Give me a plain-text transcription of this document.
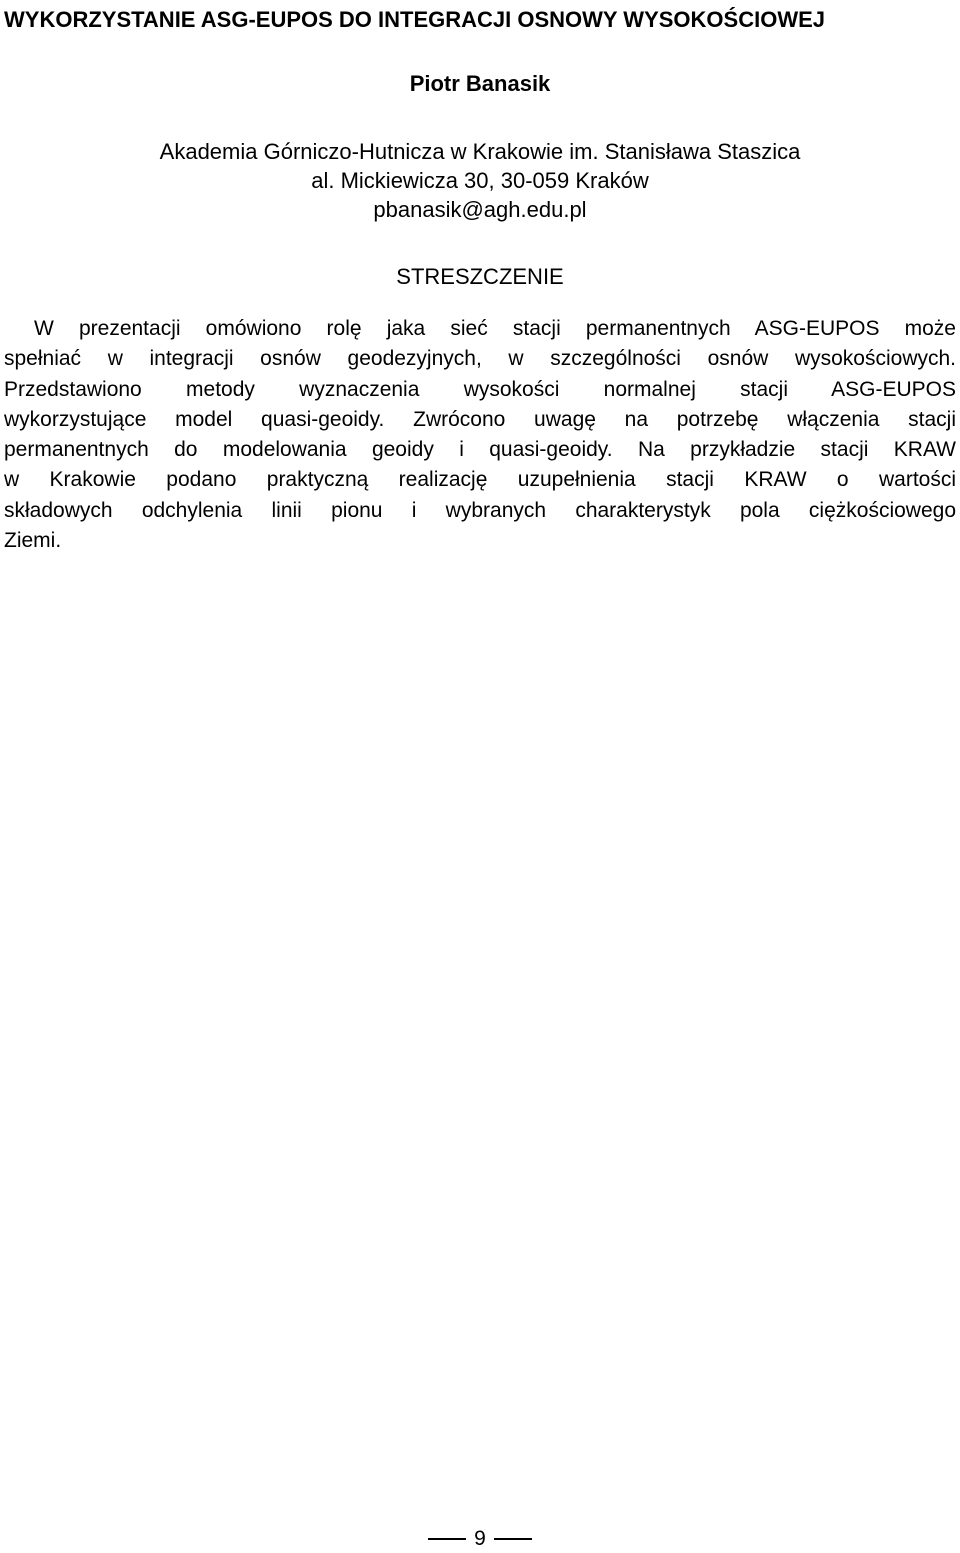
WYKORZYSTANIE ASG-EUPOS DO INTEGRACJI OSNOWY WYSOKOŚCIOWEJ
Piotr Banasik
Akademia Górniczo-Hutnicza w Krakowie im. Stanisława Staszica
al. Mickiewicza 30, 30-059 Kraków
pbanasik@agh.edu.pl
STRESZCZENIE
W prezentacji omówiono rolę jaka sieć stacji permanentnych ASG-EUPOS może
spełniać w integracji osnów geodezyjnych, w szczególności osnów wysokościowych.
Przedstawiono metody wyznaczenia wysokości normalnej stacji ASG-EUPOS
wykorzystujące model quasi-geoidy. Zwrócono uwagę na potrzebę włączenia stacji
permanentnych do modelowania geoidy i quasi-geoidy. Na przykładzie stacji KRAW
w Krakowie podano praktyczną realizację uzupełnienia stacji KRAW o wartości
składowych odchylenia linii pionu i wybranych charakterystyk pola ciężkościowego
Ziemi.
9
